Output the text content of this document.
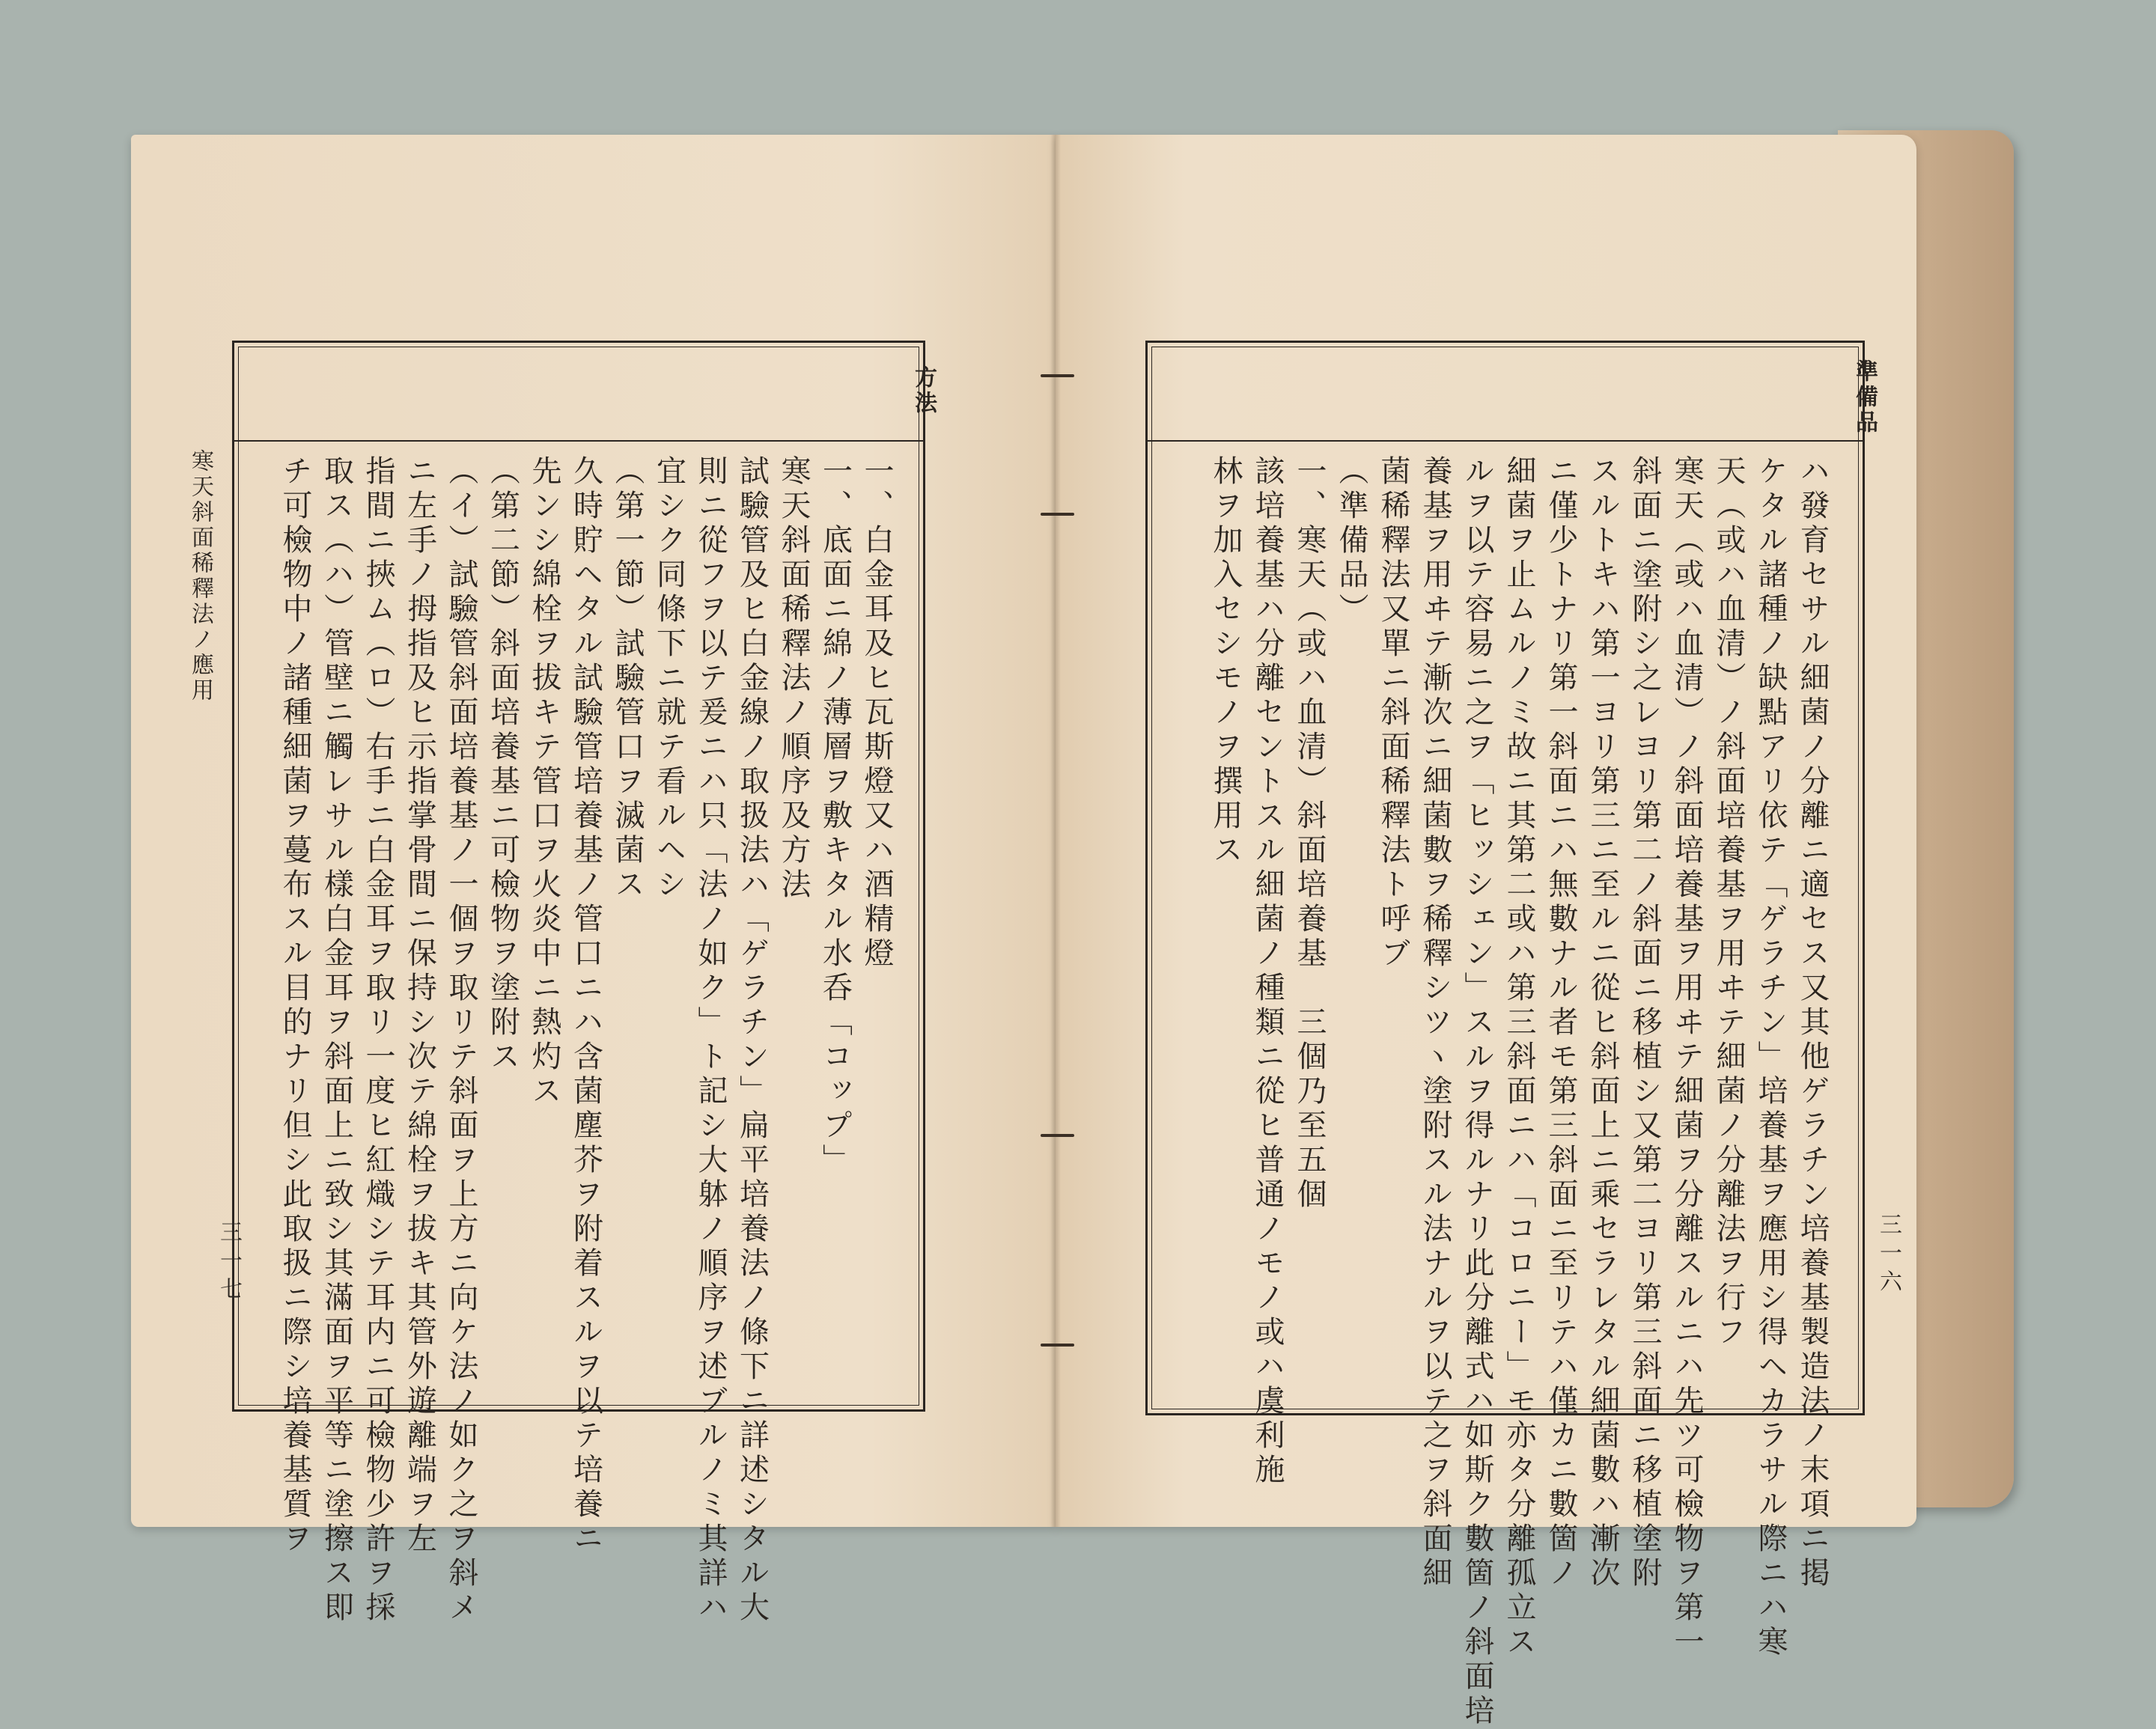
寒天斜面稀釋法ノ應用
三一七
方法
一、白金耳及ヒ瓦斯燈又ハ酒精燈
一、底面ニ綿ノ薄層ヲ敷キタル水呑「コップ」
寒天斜面稀釋法ノ順序及方法
試驗管及ヒ白金線ノ取扱法ハ「ゲラチン」扁平培養法ノ條下ニ詳述シタル大
則ニ從フヲ以テ爰ニハ只「法ノ如ク」ト記シ大躰ノ順序ヲ述ブルノミ其詳ハ
宜シク同條下ニ就テ看ルヘシ
（第一節）試驗管口ヲ滅菌ス
久時貯ヘタル試驗管培養基ノ管口ニハ含菌塵芥ヲ附着スルヲ以テ培養ニ
先ンシ綿栓ヲ拔キテ管口ヲ火炎中ニ熱灼ス
（第二節）斜面培養基ニ可檢物ヲ塗附ス
（イ）試驗管斜面培養基ノ一個ヲ取リテ斜面ヲ上方ニ向ケ法ノ如ク之ヲ斜メ
ニ左手ノ拇指及ヒ示指掌骨間ニ保持シ次テ綿栓ヲ拔キ其管外遊離端ヲ左
指間ニ挾ム（ロ）右手ニ白金耳ヲ取リ一度ヒ紅熾シテ耳内ニ可檢物少許ヲ採
取ス（ハ）管壁ニ觸レサル樣白金耳ヲ斜面上ニ致シ其滿面ヲ平等ニ塗擦ス即
チ可檢物中ノ諸種細菌ヲ蔓布スル目的ナリ但シ此取扱ニ際シ培養基質ヲ	三一六
準備品
ハ發育セサル細菌ノ分離ニ適セス又其他ゲラチン培養基製造法ノ末項ニ掲
ケタル諸種ノ缺點アリ依テ「ゲラチン」培養基ヲ應用シ得ヘカラサル際ニハ寒
天（或ハ血清）ノ斜面培養基ヲ用ヰテ細菌ノ分離法ヲ行フ
寒天（或ハ血清）ノ斜面培養基ヲ用ヰテ細菌ヲ分離スルニハ先ツ可檢物ヲ第一
斜面ニ塗附シ之レヨリ第二ノ斜面ニ移植シ又第二ヨリ第三斜面ニ移植塗附
スルトキハ第一ヨリ第三ニ至ルニ從ヒ斜面上ニ乘セラレタル細菌數ハ漸次
ニ僅少トナリ第一斜面ニハ無數ナル者モ第三斜面ニ至リテハ僅カニ數箇ノ
細菌ヲ止ムルノミ故ニ其第二或ハ第三斜面ニハ「コロニー」モ亦タ分離孤立ス
ルヲ以テ容易ニ之ヲ「ヒッシェン」スルヲ得ルナリ此分離式ハ如斯ク數箇ノ斜面培
養基ヲ用ヰテ漸次ニ細菌數ヲ稀釋シツヽ塗附スル法ナルヲ以テ之ヲ斜面細
菌稀釋法又單ニ斜面稀釋法ト呼ブ
（準備品）
一、寒天（或ハ血清）斜面培養基　三個乃至五個
該培養基ハ分離セントスル細菌ノ種類ニ從ヒ普通ノモノ或ハ虞利施
林ヲ加入セシモノヲ撰用ス
